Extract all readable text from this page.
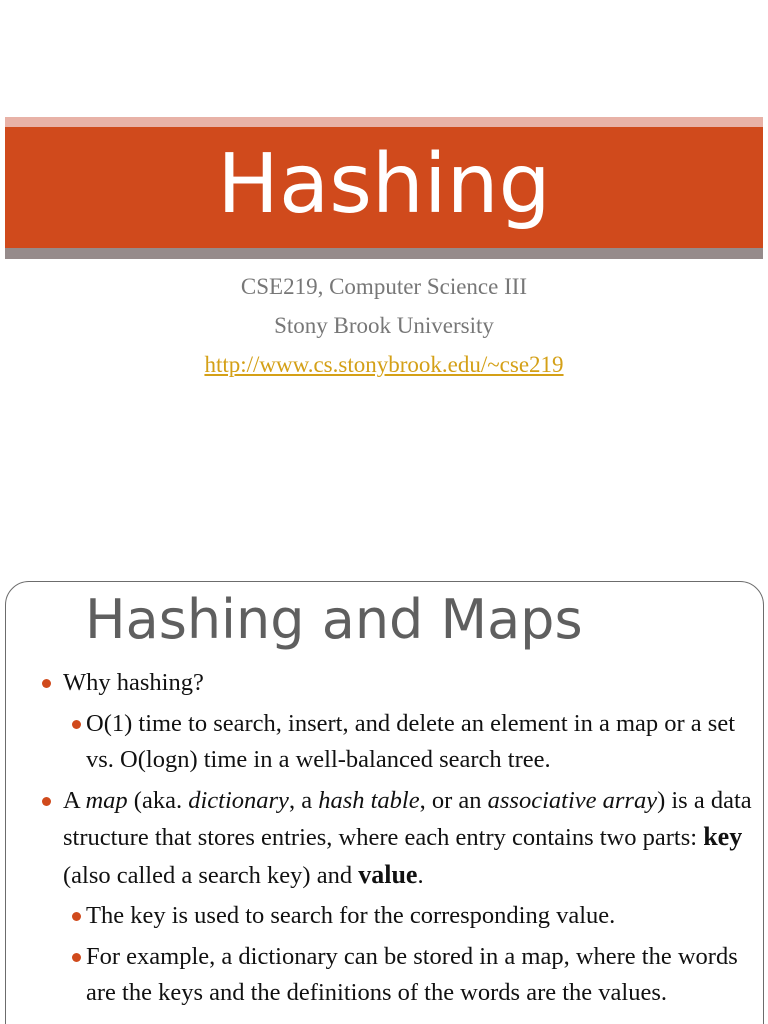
Hashing
CSE219, Computer Science III
Stony Brook University
http://www.cs.stonybrook.edu/~cse219
Hashing and Maps
Why hashing?
O(1) time to search, insert, and delete an element in a map or a set vs. O(logn) time in a well-balanced search tree.
A map (aka. dictionary, a hash table, or an associative array) is a data structure that stores entries, where each entry contains two parts: key (also called a search key) and value.
The key is used to search for the corresponding value.
For example, a dictionary can be stored in a map, where the words are the keys and the definitions of the words are the values.
